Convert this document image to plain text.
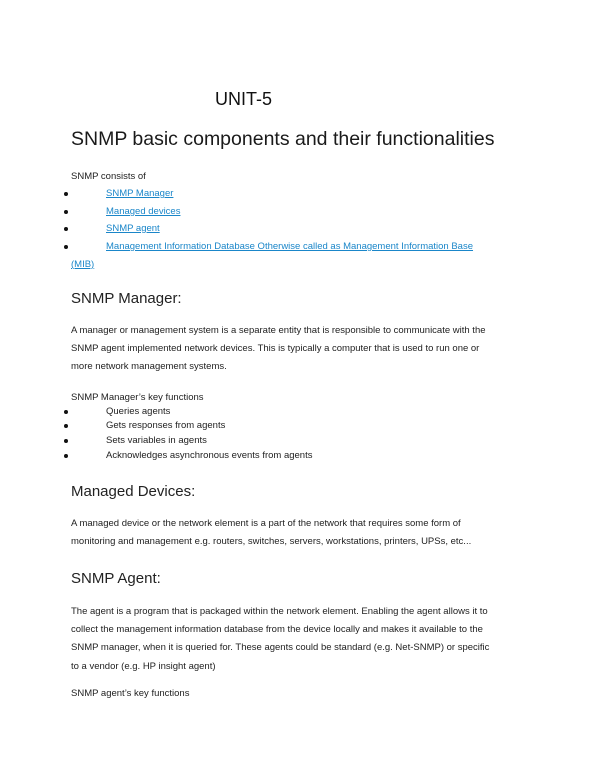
UNIT-5
SNMP basic components and their functionalities
SNMP consists of
SNMP Manager
Managed devices
SNMP agent
Management Information Database Otherwise called as Management Information Base
(MIB)
SNMP Manager:
A manager or management system is a separate entity that is responsible to communicate with the
SNMP agent implemented network devices. This is typically a computer that is used to run one or
more network management systems.
SNMP Manager’s key functions
Queries agents
Gets responses from agents
Sets variables in agents
Acknowledges asynchronous events from agents
Managed Devices:
A managed device or the network element is a part of the network that requires some form of
monitoring and management e.g. routers, switches, servers, workstations, printers, UPSs, etc...
SNMP Agent:
The agent is a program that is packaged within the network element. Enabling the agent allows it to
collect the management information database from the device locally and makes it available to the
SNMP manager, when it is queried for. These agents could be standard (e.g. Net-SNMP) or specific
to a vendor (e.g. HP insight agent)
SNMP agent’s key functions
